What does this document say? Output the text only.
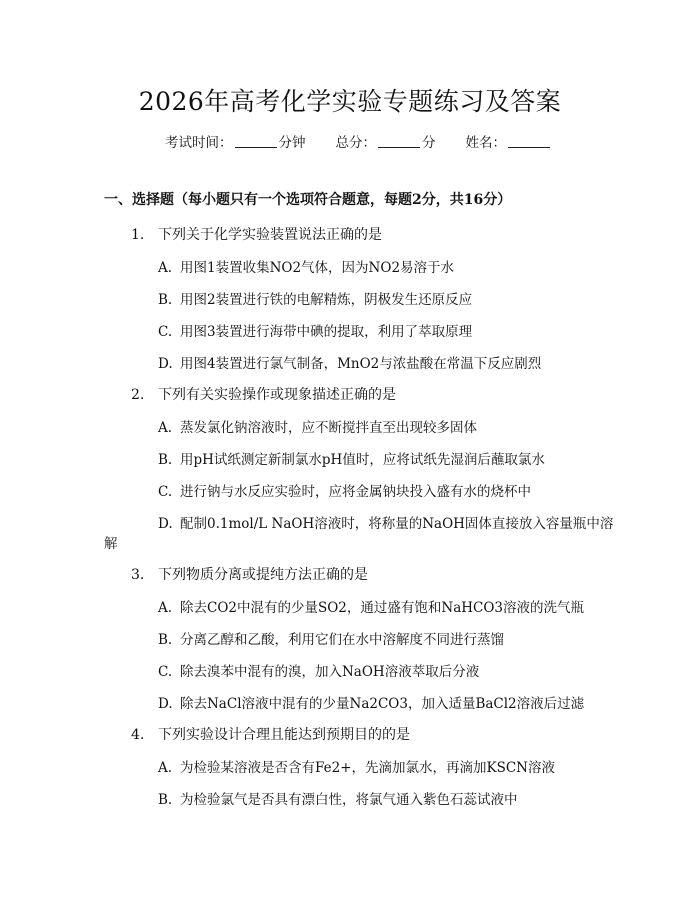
2026年高考化学实验专题练习及答案
考试时间：	分钟 总分：	分 姓名：
一、选择题（每小题只有一个选项符合题意，每题2分，共16分）
1. 下列关于化学实验装置说法正确的是
A. 用图1装置收集NO2气体，因为NO2易溶于水
B. 用图2装置进行铁的电解精炼，阴极发生还原反应
C. 用图3装置进行海带中碘的提取，利用了萃取原理
D. 用图4装置进行氯气制备，MnO2与浓盐酸在常温下反应剧烈
2. 下列有关实验操作或现象描述正确的是
A. 蒸发氯化钠溶液时，应不断搅拌直至出现较多固体
B. 用pH试纸测定新制氯水pH值时，应将试纸先湿润后蘸取氯水
C. 进行钠与水反应实验时，应将金属钠块投入盛有水的烧杯中
D. 配制0.1mol/L NaOH溶液时，将称量的NaOH固体直接放入容量瓶中溶
解
3. 下列物质分离或提纯方法正确的是
A. 除去CO2中混有的少量SO2，通过盛有饱和NaHCO3溶液的洗气瓶
B. 分离乙醇和乙酸，利用它们在水中溶解度不同进行蒸馏
C. 除去溴苯中混有的溴，加入NaOH溶液萃取后分液
D. 除去NaCl溶液中混有的少量Na2CO3，加入适量BaCl2溶液后过滤
4. 下列实验设计合理且能达到预期目的的是
A. 为检验某溶液是否含有Fe2+，先滴加氯水，再滴加KSCN溶液
B. 为检验氯气是否具有漂白性，将氯气通入紫色石蕊试液中
